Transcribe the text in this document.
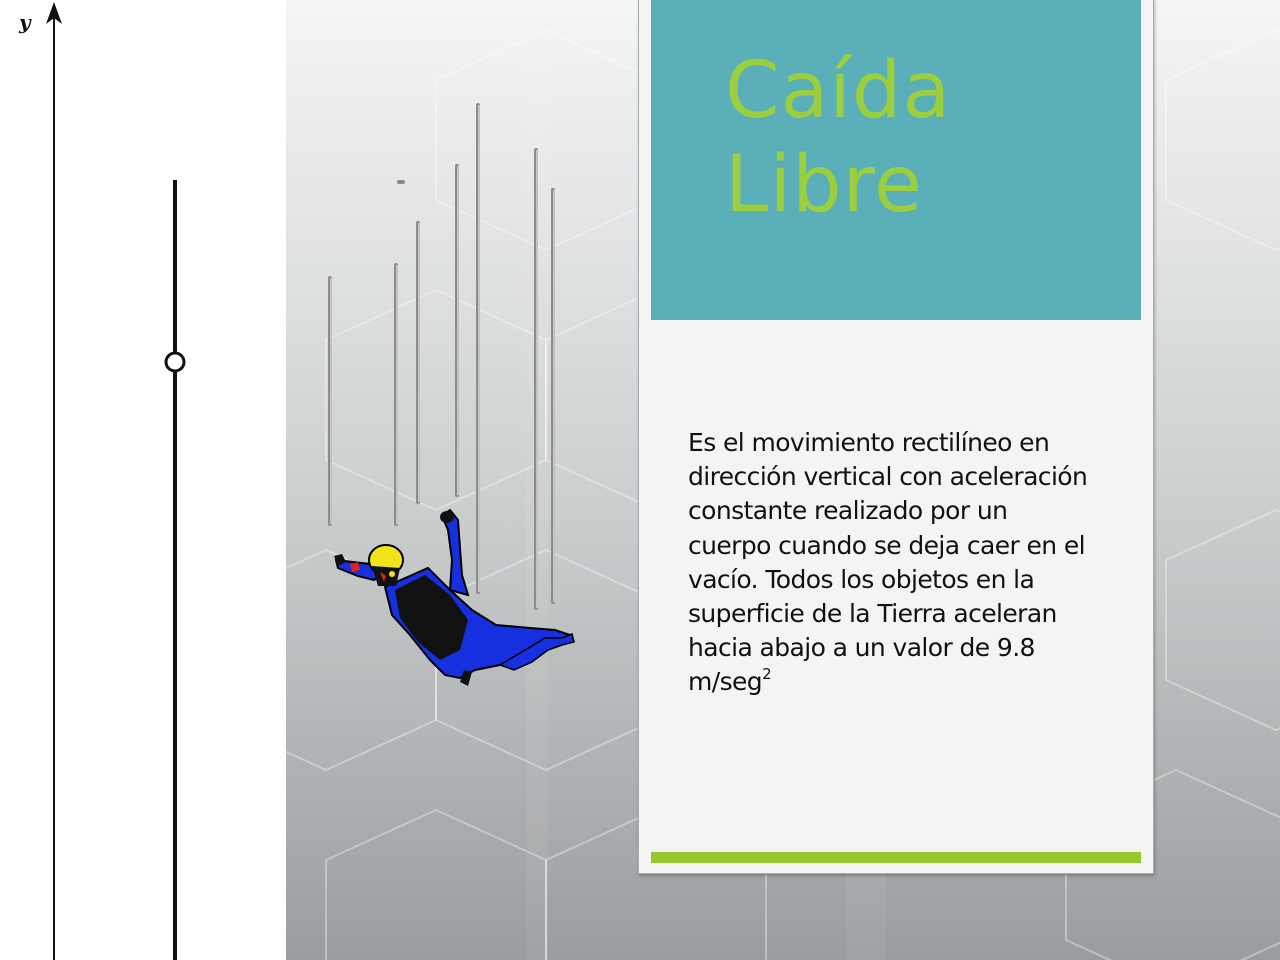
y
Caída
Libre

Es el movimiento rectilíneo en dirección vertical con aceleración constante realizado por un cuerpo cuando se deja caer en el vacío. Todos los objetos en la superficie de la Tierra aceleran hacia abajo a un valor de 9.8 m/seg$^2$
